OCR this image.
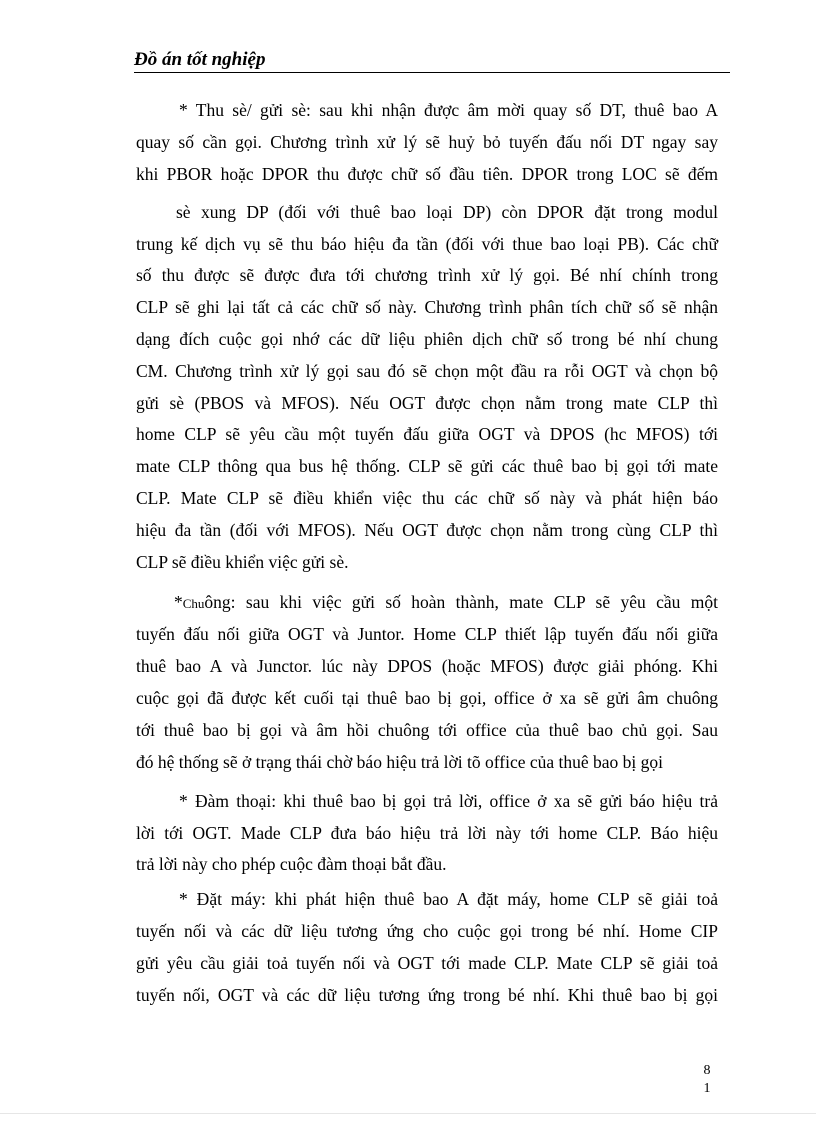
Đồ án tốt nghiệp
* Thu sè/ gửi sè: sau khi nhận được âm mời quay số DT, thuê bao A
quay số cần gọi. Chương trình xử lý sẽ huỷ bỏ tuyến đấu nối DT ngay say
khi PBOR hoặc DPOR thu được chữ số đầu tiên. DPOR trong LOC sẽ đếm
sè xung DP (đối với thuê bao loại DP) còn DPOR đặt trong modul
trung kế dịch vụ sẽ thu báo hiệu đa tần (đối với thue bao loại PB). Các chữ
số thu được sẽ được đưa tới chương trình xử lý gọi. Bé nhí chính trong
CLP sẽ ghi lại tất cả các chữ số này. Chương trình phân tích chữ số sẽ nhận
dạng đích cuộc gọi nhớ các dữ liệu phiên dịch chữ số trong bé nhí chung
CM. Chương trình xử lý gọi sau đó sẽ chọn một đầu ra rỗi OGT và chọn bộ
gửi sè (PBOS và MFOS). Nếu OGT được chọn nằm trong mate CLP thì
home CLP sẽ yêu cầu một tuyến đấu giữa OGT và DPOS (hc MFOS) tới
mate CLP thông qua bus hệ thống. CLP sẽ gửi các thuê bao bị gọi tới mate
CLP. Mate CLP sẽ điều khiển việc thu các chữ số này và phát hiện báo
hiệu đa tần (đối với MFOS). Nếu OGT được chọn nằm trong cùng CLP thì
CLP sẽ điều khiển việc gửi sè.
*Chuông: sau khi việc gửi số hoàn thành, mate CLP sẽ yêu cầu một
tuyến đấu nối giữa OGT và Juntor. Home CLP thiết lập tuyến đấu nối giữa
thuê bao A và Junctor. lúc này DPOS (hoặc MFOS) được giải phóng. Khi
cuộc gọi đã được kết cuối tại thuê bao bị gọi, office ở xa sẽ gửi âm chuông
tới thuê bao bị gọi và âm hồi chuông tới office của thuê bao chủ gọi. Sau
đó hệ thống sẽ ở trạng thái chờ báo hiệu trả lời tõ office của thuê bao bị gọi
* Đàm thoại: khi thuê bao bị gọi trả lời, office ở xa sẽ gửi báo hiệu trả
lời tới OGT. Made CLP đưa báo hiệu trả lời này tới home CLP. Báo hiệu
trả lời này cho phép cuộc đàm thoại bắt đầu.
* Đặt máy: khi phát hiện thuê bao A đặt máy, home CLP sẽ giải toả
tuyến nối và các dữ liệu tương ứng cho cuộc gọi trong bé nhí. Home CIP
gửi yêu cầu giải toả tuyến nối và OGT tới made CLP. Mate CLP sẽ giải toả
tuyến nối, OGT và các dữ liệu tương ứng trong bé nhí. Khi thuê bao bị gọi
8
1
